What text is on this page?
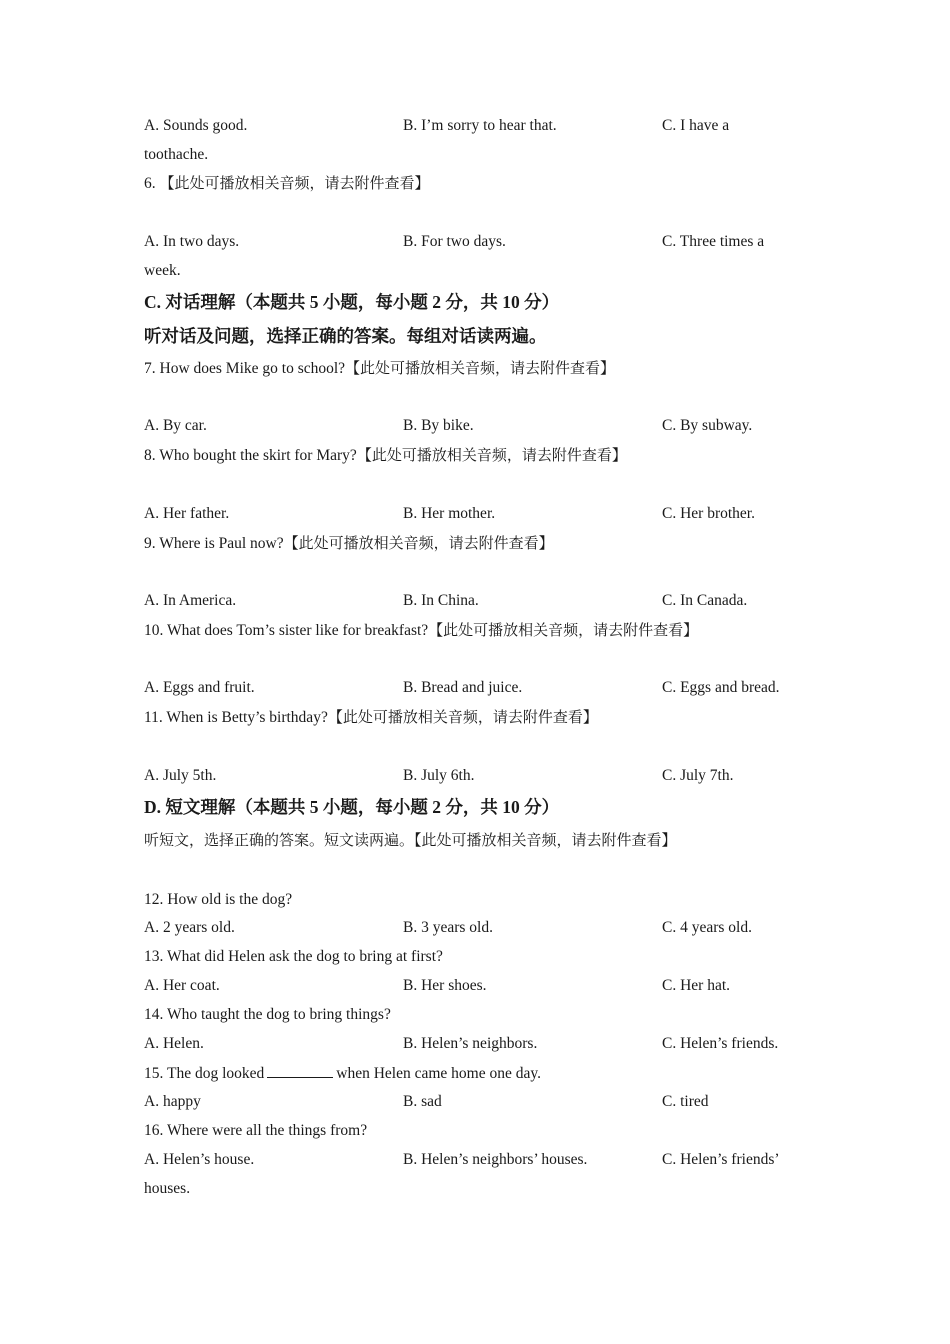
A. Sounds good.	B. I’m sorry to hear that.	C. I have a
toothache.
6. 【此处可播放相关音频，请去附件查看】
A. In two days.	B. For two days.	C. Three times a
week.
C. 对话理解（本题共 5 小题，每小题 2 分，共 10 分）
听对话及问题，选择正确的答案。每组对话读两遍。
7. How does Mike go to school?【此处可播放相关音频，请去附件查看】
A. By car.	B. By bike.	C. By subway.
8. Who bought the skirt for Mary?【此处可播放相关音频，请去附件查看】
A. Her father.	B. Her mother.	C. Her brother.
9. Where is Paul now?【此处可播放相关音频，请去附件查看】
A. In America.	B. In China.	C. In Canada.
10. What does Tom’s sister like for breakfast?【此处可播放相关音频，请去附件查看】
A. Eggs and fruit.	B. Bread and juice.	C. Eggs and bread.
11. When is Betty’s birthday?【此处可播放相关音频，请去附件查看】
A. July 5th.	B. July 6th.	C. July 7th.
D. 短文理解（本题共 5 小题，每小题 2 分，共 10 分）
听短文，选择正确的答案。短文读两遍。【此处可播放相关音频，请去附件查看】
12. How old is the dog?
A. 2 years old.	B. 3 years old.	C. 4 years old.
13. What did Helen ask the dog to bring at first?
A. Her coat.	B. Her shoes.	C. Her hat.
14. Who taught the dog to bring things?
A. Helen.	B. Helen’s neighbors.	C. Helen’s friends.
15. The dog looked	when Helen came home one day.
A. happy	B. sad	C. tired
16. Where were all the things from?
A. Helen’s house.	B. Helen’s neighbors’ houses.	C. Helen’s friends’
houses.
